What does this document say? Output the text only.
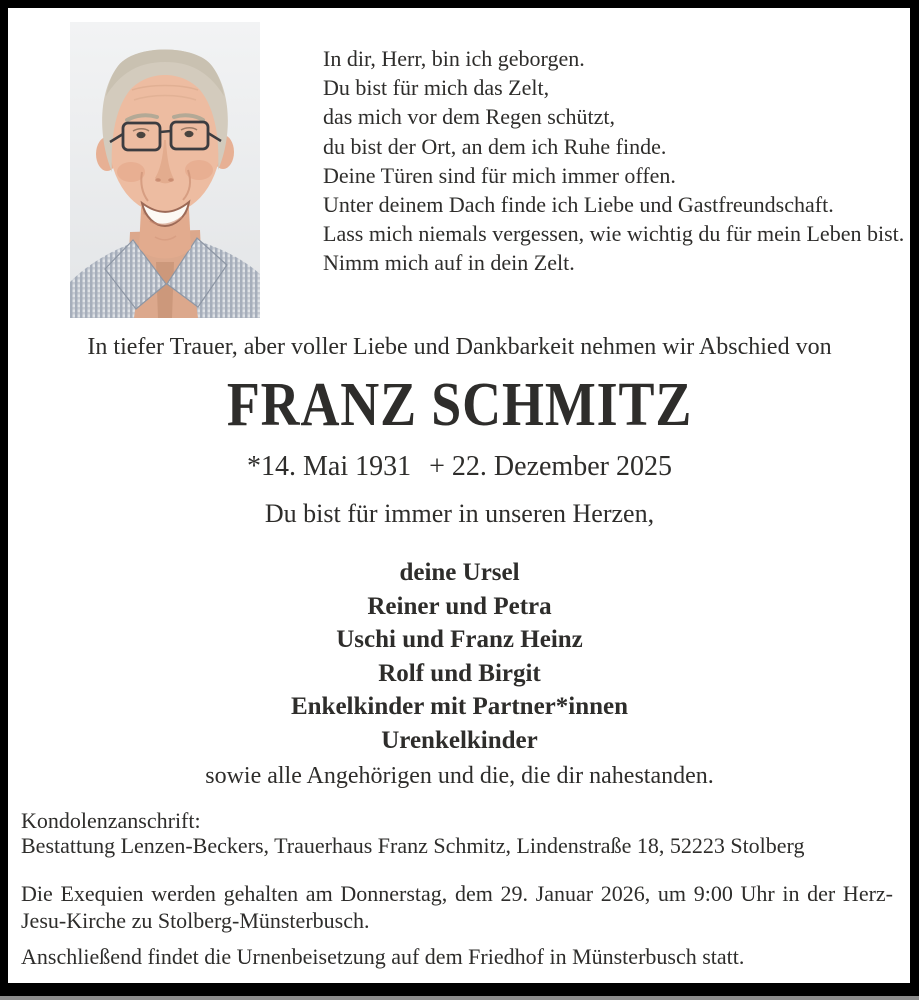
In dir, Herr, bin ich geborgen.
Du bist für mich das Zelt,
das mich vor dem Regen schützt,
du bist der Ort, an dem ich Ruhe finde.
Deine Türen sind für mich immer offen.
Unter deinem Dach finde ich Liebe und Gastfreundschaft.
Lass mich niemals vergessen, wie wichtig du für mein Leben bist.
Nimm mich auf in dein Zelt.
In tiefer Trauer, aber voller Liebe und Dankbarkeit nehmen wir Abschied von
FRANZ SCHMITZ
*14. Mai 1931 + 22. Dezember 2025
Du bist für immer in unseren Herzen,
deine Ursel
Reiner und Petra
Uschi und Franz Heinz
Rolf und Birgit
Enkelkinder mit Partner*innen
Urenkelkinder
sowie alle Angehörigen und die, die dir nahestanden.
Kondolenzanschrift:
Bestattung Lenzen-Beckers, Trauerhaus Franz Schmitz, Lindenstraße 18, 52223 Stolberg
Die Exequien werden gehalten am Donnerstag, dem 29. Januar 2026, um 9:00 Uhr in der Herz-Jesu-Kirche zu Stolberg-Münsterbusch.
Anschließend findet die Urnenbeisetzung auf dem Friedhof in Münsterbusch statt.
